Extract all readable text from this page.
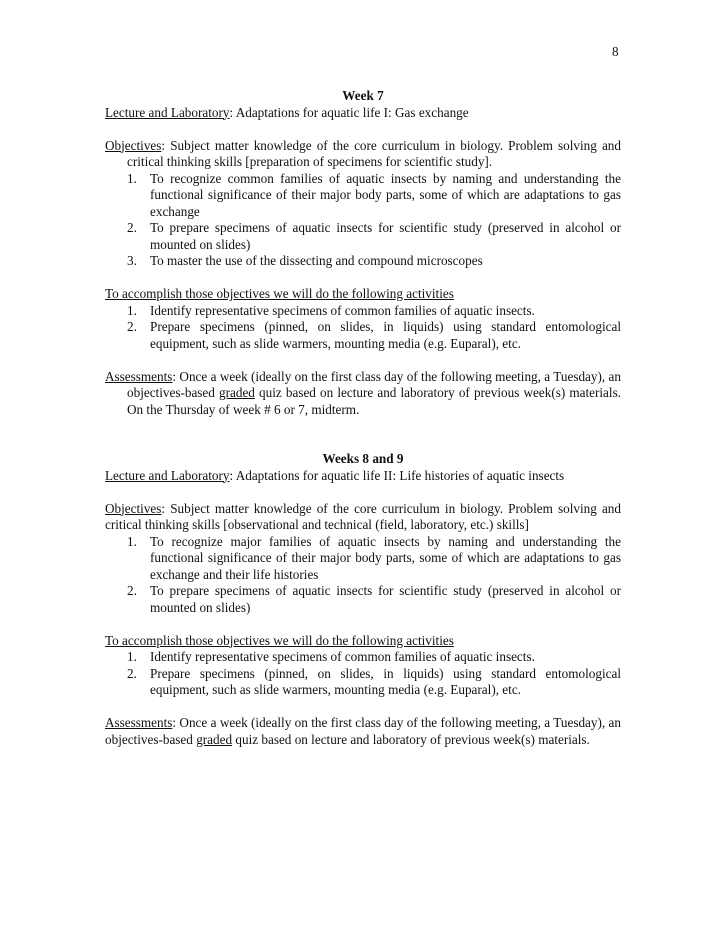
8
Week 7
Lecture and Laboratory: Adaptations for aquatic life I: Gas exchange
Objectives: Subject matter knowledge of the core curriculum in biology. Problem solving and critical thinking skills [preparation of specimens for scientific study].
1. To recognize common families of aquatic insects by naming and understanding the functional significance of their major body parts, some of which are adaptations to gas exchange
2. To prepare specimens of aquatic insects for scientific study (preserved in alcohol or mounted on slides)
3. To master the use of the dissecting and compound microscopes
To accomplish those objectives we will do the following activities
1. Identify representative specimens of common families of aquatic insects.
2. Prepare specimens (pinned, on slides, in liquids) using standard entomological equipment, such as slide warmers, mounting media (e.g. Euparal), etc.
Assessments: Once a week (ideally on the first class day of the following meeting, a Tuesday), an objectives-based graded quiz based on lecture and laboratory of previous week(s) materials. On the Thursday of week # 6 or 7, midterm.
Weeks 8 and 9
Lecture and Laboratory: Adaptations for aquatic life II: Life histories of aquatic insects
Objectives: Subject matter knowledge of the core curriculum in biology. Problem solving and critical thinking skills [observational and technical (field, laboratory, etc.) skills]
1. To recognize major families of aquatic insects by naming and understanding the functional significance of their major body parts, some of which are adaptations to gas exchange and their life histories
2. To prepare specimens of aquatic insects for scientific study (preserved in alcohol or mounted on slides)
To accomplish those objectives we will do the following activities
1. Identify representative specimens of common families of aquatic insects.
2. Prepare specimens (pinned, on slides, in liquids) using standard entomological equipment, such as slide warmers, mounting media (e.g. Euparal), etc.
Assessments: Once a week (ideally on the first class day of the following meeting, a Tuesday), an objectives-based graded quiz based on lecture and laboratory of previous week(s) materials.
